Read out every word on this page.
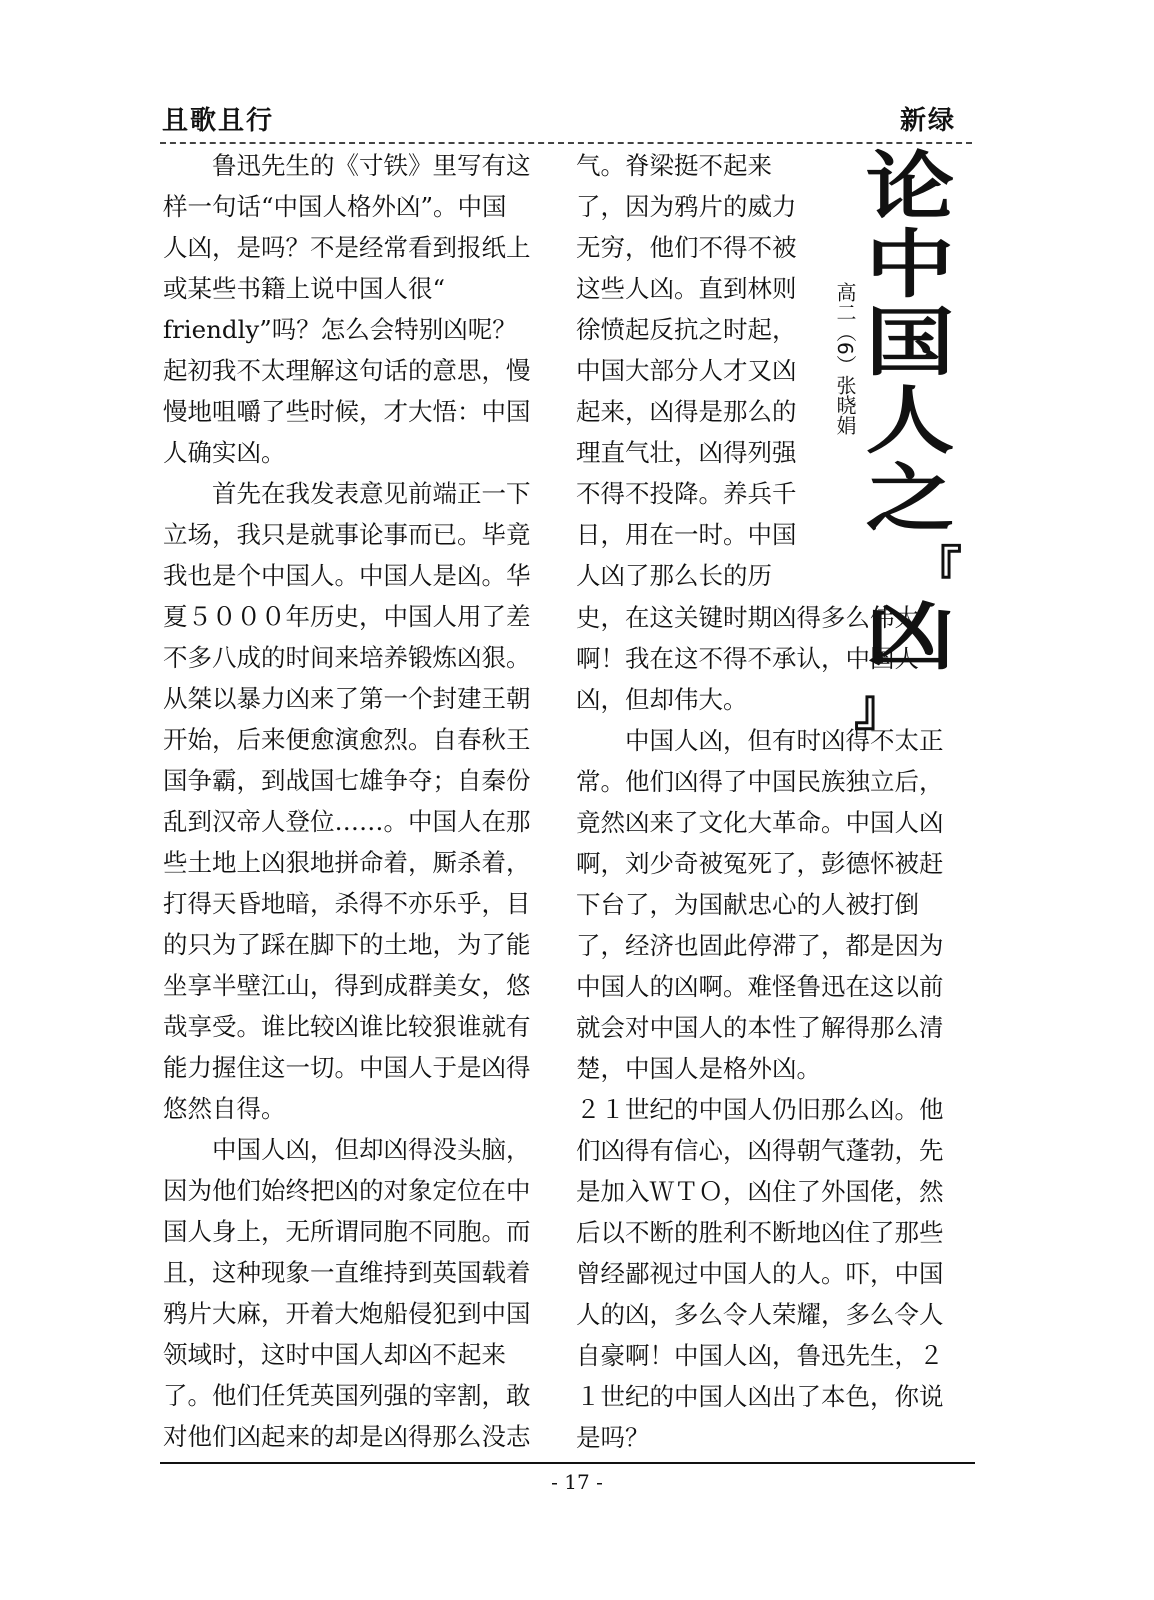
且歌且行	新绿
论
中
国
人
之
『
凶
』
高二（6）张晓娟

　　鲁迅先生的《寸铁》里写有这

样一句话“中国人格外凶”。中国

人凶，是吗？不是经常看到报纸上

或某些书籍上说中国人很“

friendly”吗？怎么会特别凶呢？

起初我不太理解这句话的意思，慢

慢地咀嚼了些时候，才大悟：中国

人确实凶。

　　首先在我发表意见前端正一下

立场，我只是就事论事而已。毕竟

我也是个中国人。中国人是凶。华

夏５０００年历史，中国人用了差

不多八成的时间来培养锻炼凶狠。

从桀以暴力凶来了第一个封建王朝

开始，后来便愈演愈烈。自春秋王

国争霸，到战国七雄争夺；自秦份

乱到汉帝人登位……。中国人在那

些土地上凶狠地拼命着，厮杀着，

打得天昏地暗，杀得不亦乐乎，目

的只为了踩在脚下的土地，为了能

坐享半壁江山，得到成群美女，悠

哉享受。谁比较凶谁比较狠谁就有

能力握住这一切。中国人于是凶得

悠然自得。

　　中国人凶，但却凶得没头脑，

因为他们始终把凶的对象定位在中

国人身上，无所谓同胞不同胞。而

且，这种现象一直维持到英国载着

鸦片大麻，开着大炮船侵犯到中国

领域时，这时中国人却凶不起来

了。他们任凭英国列强的宰割，敢

对他们凶起来的却是凶得那么没志

气。脊梁挺不起来

了，因为鸦片的威力

无穷，他们不得不被

这些人凶。直到林则

徐愤起反抗之时起，

中国大部分人才又凶

起来，凶得是那么的

理直气壮，凶得列强

不得不投降。养兵千

日，用在一时。中国

人凶了那么长的历

史，在这关键时期凶得多么伟大

啊！我在这不得不承认，中国人

凶，但却伟大。

　　中国人凶，但有时凶得不太正

常。他们凶得了中国民族独立后，

竟然凶来了文化大革命。中国人凶

啊，刘少奇被冤死了，彭德怀被赶

下台了，为国献忠心的人被打倒

了，经济也固此停滞了，都是因为

中国人的凶啊。难怪鲁迅在这以前

就会对中国人的本性了解得那么清

楚，中国人是格外凶。

２１世纪的中国人仍旧那么凶。他

们凶得有信心，凶得朝气蓬勃，先

是加入ＷＴＯ，凶住了外国佬，然

后以不断的胜利不断地凶住了那些

曾经鄙视过中国人的人。吓，中国

人的凶，多么令人荣耀，多么令人

自豪啊！中国人凶，鲁迅先生，２

１世纪的中国人凶出了本色，你说

是吗？

- 17 -
